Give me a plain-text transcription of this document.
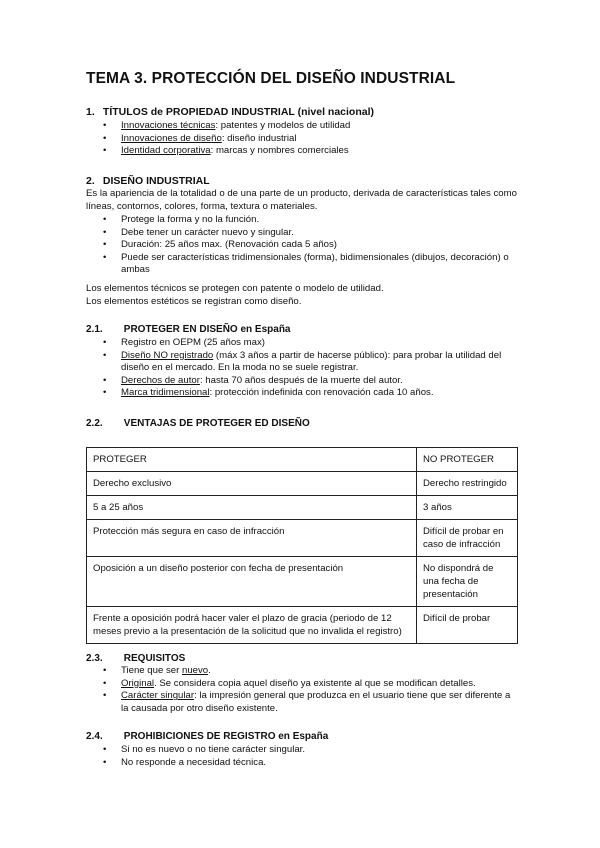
TEMA 3. PROTECCIÓN DEL DISEÑO INDUSTRIAL
1. TÍTULOS de PROPIEDAD INDUSTRIAL (nivel nacional)
• Innovaciones técnicas: patentes y modelos de utilidad
• Innovaciones de diseño: diseño industrial
• Identidad corporativa: marcas y nombres comerciales
2. DISEÑO INDUSTRIAL
Es la apariencia de la totalidad o de una parte de un producto, derivada de características tales como líneas, contornos, colores, forma, textura o materiales.
• Protege la forma y no la función.
• Debe tener un carácter nuevo y singular.
• Duración: 25 años max. (Renovación cada 5 años)
• Puede ser características tridimensionales (forma), bidimensionales (dibujos, decoración) o ambas
Los elementos técnicos se protegen con patente o modelo de utilidad.
Los elementos estéticos se registran como diseño.
2.1. PROTEGER EN DISEÑO en España
• Registro en OEPM (25 años max)
• Diseño NO registrado (máx 3 años a partir de hacerse público): para probar la utilidad del diseño en el mercado. En la moda no se suele registrar.
• Derechos de autor: hasta 70 años después de la muerte del autor.
• Marca tridimensional: protección indefinida con renovación cada 10 años.
2.2. VENTAJAS DE PROTEGER ED DISEÑO
PROTEGER	NO PROTEGER
Derecho exclusivo	Derecho restringido
5 a 25 años	3 años
Protección más segura en caso de infracción	Difícil de probar en caso de infracción
Oposición a un diseño posterior con fecha de presentación	No dispondrá de una fecha de presentación
Frente a oposición podrá hacer valer el plazo de gracia (periodo de 12 meses previo a la presentación de la solicitud que no invalida el registro)	Difícil de probar
2.3. REQUISITOS
• Tiene que ser nuevo.
• Original. Se considera copia aquel diseño ya existente al que se modifican detalles.
• Carácter singular: la impresión general que produzca en el usuario tiene que ser diferente a la causada por otro diseño existente.
2.4. PROHIBICIONES DE REGISTRO en España
• Si no es nuevo o no tiene carácter singular.
• No responde a necesidad técnica.
